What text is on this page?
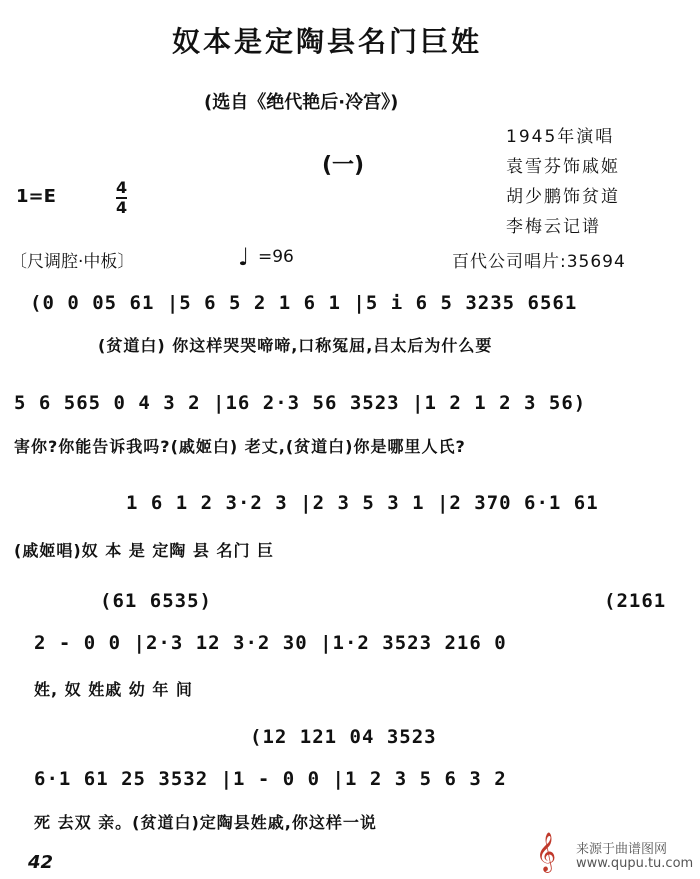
奴本是定陶县名门巨姓
(选自《绝代艳后·冷宫》)
1945年演唱
袁雪芬饰戚姬
胡少鹏饰贫道
李梅云记谱
(一)
1=E	4
4
〔尺调腔·中板〕	♩ =96	百代公司唱片:35694
(0 0 05 61 |5 6 5 2 1 6 1 |5 i 6 5 3235 6561
(贫道白) 你这样哭哭啼啼,口称冤屈,吕太后为什么要
5 6 565 0 4 3 2 |16 2·3 56 3523 |1 2 1 2 3 56)
害你?你能告诉我吗?(戚姬白) 老丈,(贫道白)你是哪里人氏?
1 6 1 2 3·2 3 |2 3 5 3 1 |2 370 6·1 61
(戚姬唱)奴 本 是 定陶 县 名门 巨
(61 6535)	(2161
2 - 0 0 |2·3 12 3·2 30 |1·2 3523 216 0
姓, 奴 姓戚 幼 年 间
(12 121 04 3523
6·1 61 25 3532 |1 - 0 0 |1 2 3 5 6 3 2
死 去双 亲。(贫道白)定陶县姓戚,你这样一说
42	𝄞 来源于曲谱图网
www.qupu.tu.com
